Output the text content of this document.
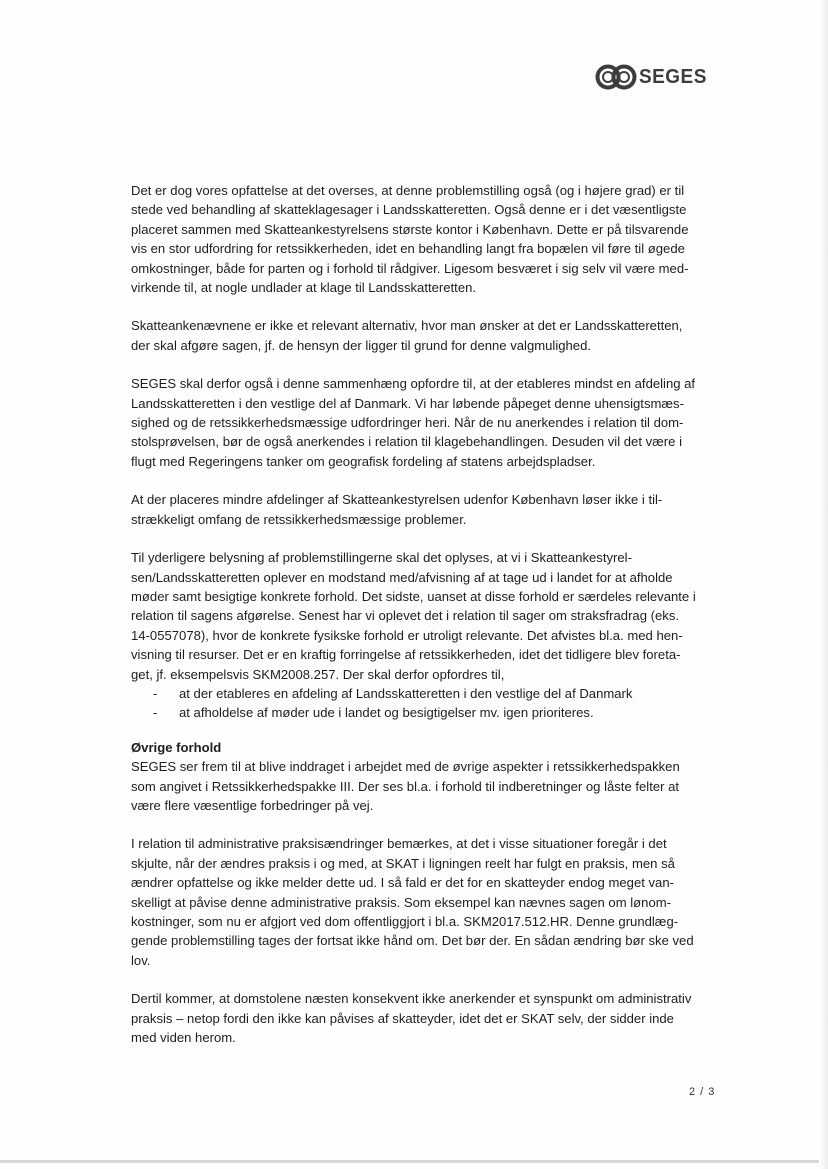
SEGES

Det er dog vores opfattelse at det overses, at denne problemstilling også (og i højere grad) er til
stede ved behandling af skatteklagesager i Landsskatteretten. Også denne er i det væsentligste
placeret sammen med Skatteankestyrelsens største kontor i København. Dette er på tilsvarende
vis en stor udfordring for retssikkerheden, idet en behandling langt fra bopælen vil føre til øgede
omkostninger, både for parten og i forhold til rådgiver. Ligesom besværet i sig selv vil være med-
virkende til, at nogle undlader at klage til Landsskatteretten.

Skatteankenævnene er ikke et relevant alternativ, hvor man ønsker at det er Landsskatteretten,
der skal afgøre sagen, jf. de hensyn der ligger til grund for denne valgmulighed.

SEGES skal derfor også i denne sammenhæng opfordre til, at der etableres mindst en afdeling af
Landsskatteretten i den vestlige del af Danmark. Vi har løbende påpeget denne uhensigtsmæs-
sighed og de retssikkerhedsmæssige udfordringer heri. Når de nu anerkendes i relation til dom-
stolsprøvelsen, bør de også anerkendes i relation til klagebehandlingen. Desuden vil det være i
flugt med Regeringens tanker om geografisk fordeling af statens arbejdspladser.

At der placeres mindre afdelinger af Skatteankestyrelsen udenfor København løser ikke i til-
strækkeligt omfang de retssikkerhedsmæssige problemer.

Til yderligere belysning af problemstillingerne skal det oplyses, at vi i Skatteankestyrel-
sen/Landsskatteretten oplever en modstand med/afvisning af at tage ud i landet for at afholde
møder samt besigtige konkrete forhold. Det sidste, uanset at disse forhold er særdeles relevante i
relation til sagens afgørelse. Senest har vi oplevet det i relation til sager om straksfradrag (eks.
14-0557078), hvor de konkrete fysikske forhold er utroligt relevante. Det afvistes bl.a. med hen-
visning til resurser. Det er en kraftig forringelse af retssikkerheden, idet det tidligere blev foreta-
get, jf. eksempelsvis SKM2008.257. Der skal derfor opfordres til,

- at der etableres en afdeling af Landsskatteretten i den vestlige del af Danmark
- at afholdelse af møder ude i landet og besigtigelser mv. igen prioriteres.

Øvrige forhold

SEGES ser frem til at blive inddraget i arbejdet med de øvrige aspekter i retssikkerhedspakken
som angivet i Retssikkerhedspakke III. Der ses bl.a. i forhold til indberetninger og låste felter at
være flere væsentlige forbedringer på vej.

I relation til administrative praksisændringer bemærkes, at det i visse situationer foregår i det
skjulte, når der ændres praksis i og med, at SKAT i ligningen reelt har fulgt en praksis, men så
ændrer opfattelse og ikke melder dette ud. I så fald er det for en skatteyder endog meget van-
skelligt at påvise denne administrative praksis. Som eksempel kan nævnes sagen om lønom-
kostninger, som nu er afgjort ved dom offentliggjort i bl.a. SKM2017.512.HR. Denne grundlæg-
gende problemstilling tages der fortsat ikke hånd om. Det bør der. En sådan ændring bør ske ved
lov.

Dertil kommer, at domstolene næsten konsekvent ikke anerkender et synspunkt om administrativ
praksis – netop fordi den ikke kan påvises af skatteyder, idet det er SKAT selv, der sidder inde
med viden herom.

2 / 3
